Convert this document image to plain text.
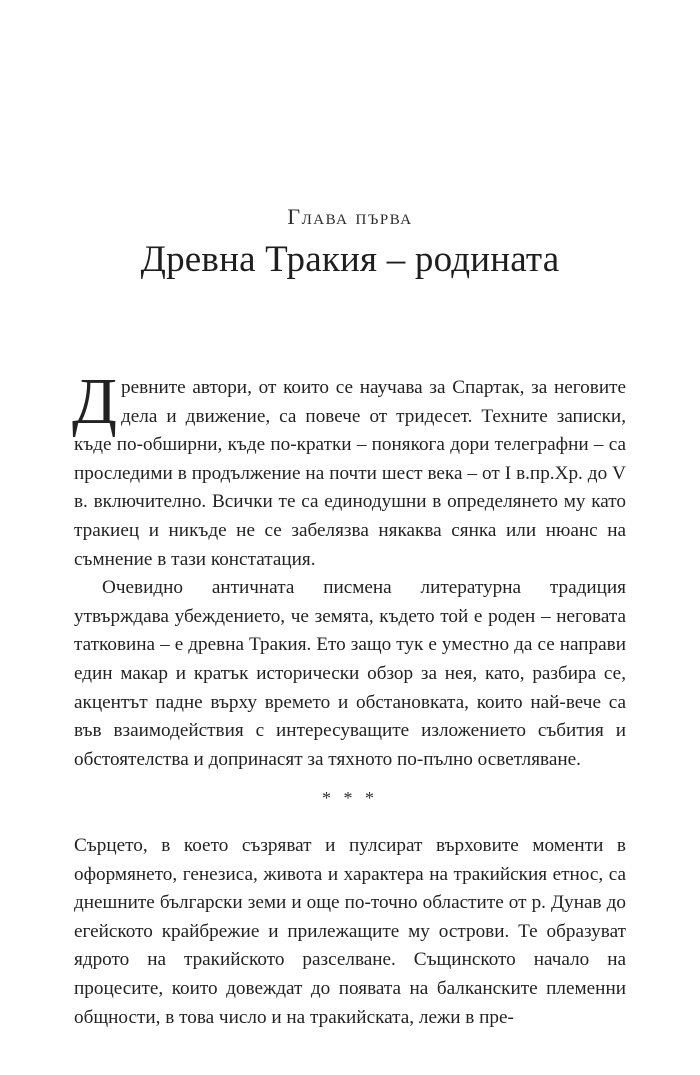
Глава първа
Древна Тракия – родината

Древните автори, от които се научава за Спартак, за неговите дела и движение, са повече от тридесет. Техните записки, къде по-обширни, къде по-кратки – понякога дори телеграфни – са проследими в продължение на почти шест века – от I в.пр.Хр. до V в. включително. Всички те са единодушни в определянето му като тракиец и никъде не се забелязва някаква сянка или нюанс на съмнение в тази констатация.

Очевидно античната писмена литературна традиция утвърждава убеждението, че земята, където той е роден – неговата татковина – е древна Тракия. Ето защо тук е уместно да се направи един макар и кратък исторически обзор за нея, като, разбира се, акцентът падне върху времето и обстановката, които най-вече са във взаимодействия с интересуващите изложението събития и обстоятелства и допринасят за тяхното по-пълно осветляване.

* * *

Сърцето, в което съзряват и пулсират върховите моменти в оформянето, генезиса, живота и характера на тракийския етнос, са днешните български земи и още по-точно областите от р. Дунав до егейското крайбрежие и прилежащите му острови. Те образуват ядрото на тракийското разселване. Същинското начало на процесите, които довеждат до появата на балканските племенни общности, в това число и на тракийската, лежи в пре-
